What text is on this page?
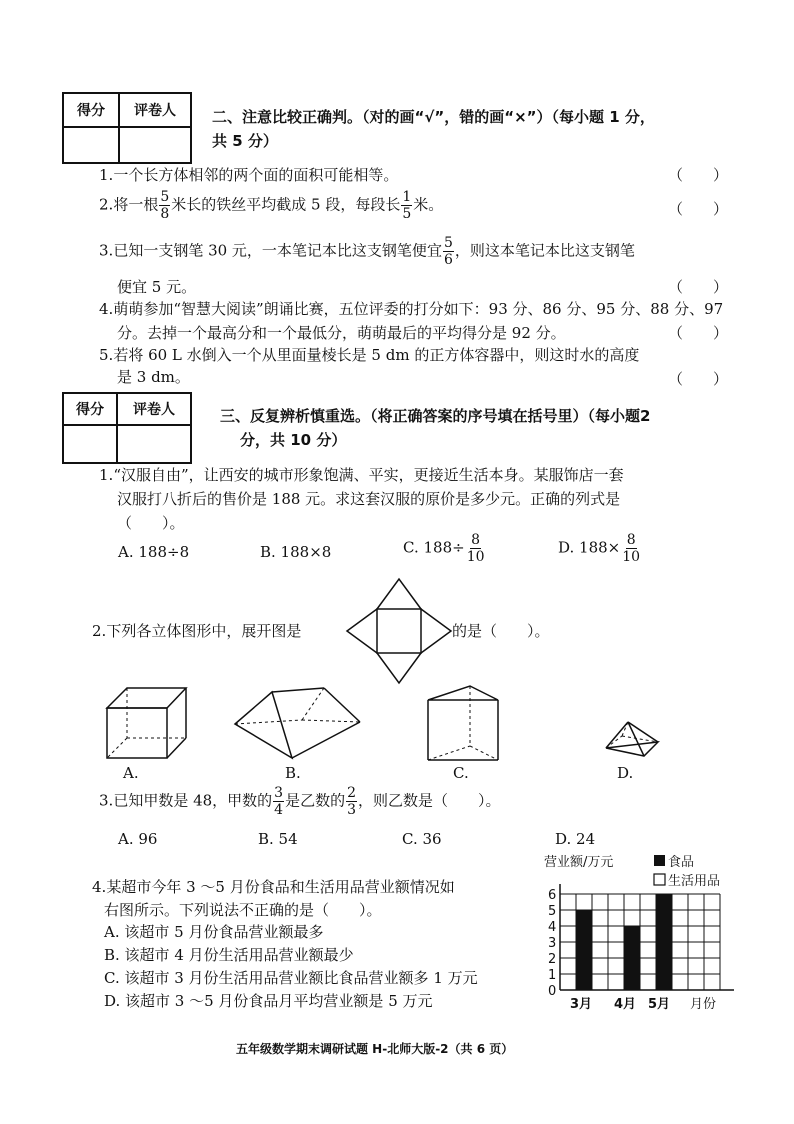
得分	评卷人
	二、注意比较正确判。（对的画“√”，错的画“×”）（每小题 1 分，
共 5 分）
1.一个长方体相邻的两个面的面积可能相等。	（　　）
2.将一根 $\frac{5}{8}$ 米长的铁丝平均截成 5 段，每段长 $\frac{1}{5}$ 米。	（　　）
3.已知一支钢笔 30 元，一本笔记本比这支钢笔便宜 $\frac{5}{6}$ ，则这本笔记本比这支钢笔
便宜 5 元。	（　　）
4.萌萌参加“智慧大阅读”朗诵比赛，五位评委的打分如下：93 分、86 分、95 分、88 分、97
分。去掉一个最高分和一个最低分，萌萌最后的平均得分是 92 分。	（　　）
5.若将 60 L 水倒入一个从里面量棱长是 5 dm 的正方体容器中，则这时水的高度
是 3 dm。	（　　）
得分	评卷人
		三、反复辨析慎重选。（将正确答案的序号填在括号里）（每小题2
分，共 10 分）
1.“汉服自由”，让西安的城市形象饱满、平实，更接近生活本身。某服饰店一套
汉服打八折后的售价是 188 元。求这套汉服的原价是多少元。正确的列式是
（　　）。
A. 188÷8	B. 188×8	C. $188\div \frac{8}{10}$	D. $188\times \frac{8}{10}$
2.下列各立体图形中，展开图是	的是（　　）。
A.	B.	C.	D.
3.已知甲数是 48，甲数的 $\frac{3}{4}$ 是乙数的 $\frac{2}{3}$ ，则乙数是（　　）。
A. 96	B. 54	C. 36	D. 24
4.某超市今年 3 ～5 月份食品和生活用品营业额情况如
右图所示。下列说法不正确的是（　　）。
A. 该超市 5 月份食品营业额最多
B. 该超市 4 月份生活用品营业额最少
C. 该超市 3 月份生活用品营业额比食品营业额多 1 万元
D. 该超市 3 ～5 月份食品月平均营业额是 5 万元
营业额/万元	食品
生活用品
0
1
2
3
4
5
6
3月 4月 5月 月份
五年级数学期末调研试题 H-北师大版-2（共 6 页）
